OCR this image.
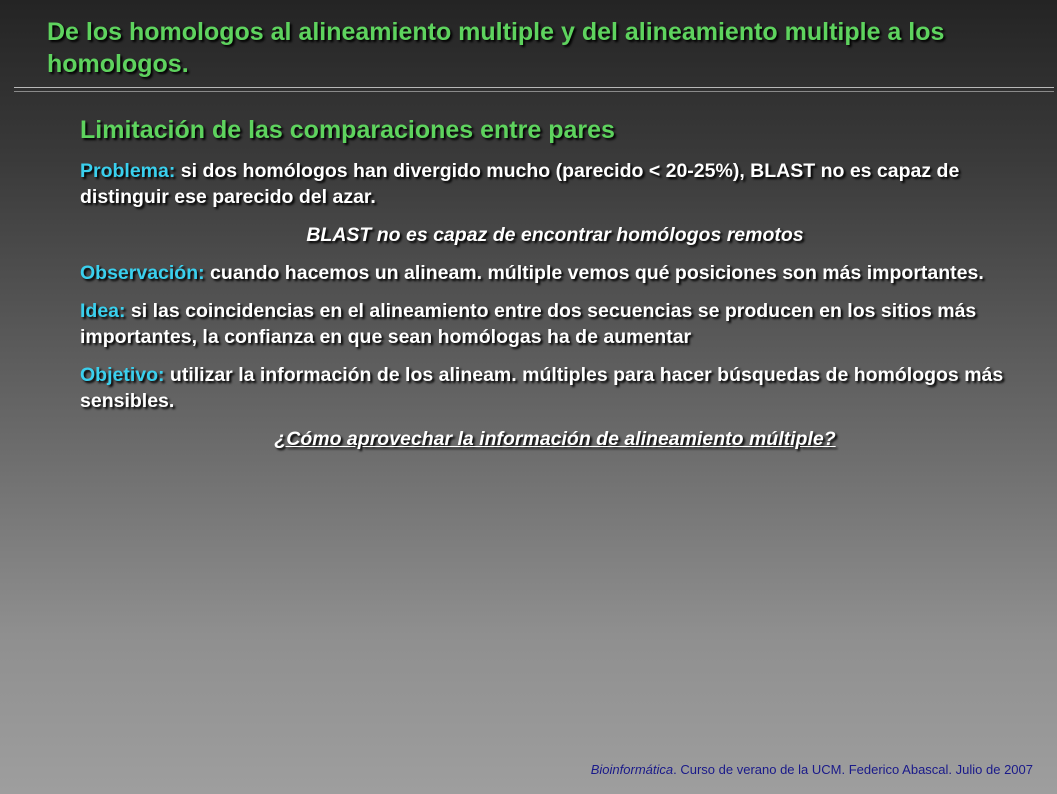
De los homologos al alineamiento multiple y del alineamiento multiple a los homologos.
Limitación de las comparaciones entre pares

Problema: si dos homólogos han divergido mucho (parecido < 20-25%), BLAST no es capaz de distinguir ese parecido del azar.

BLAST no es capaz de encontrar homólogos remotos

Observación: cuando hacemos un alineam. múltiple vemos qué posiciones son más importantes.

Idea: si las coincidencias en el alineamiento entre dos secuencias se producen en los sitios más importantes, la confianza en que sean homólogas ha de aumentar

Objetivo: utilizar la información de los alineam. múltiples para hacer búsquedas de homólogos más sensibles.

¿Cómo aprovechar la información de alineamiento múltiple?

Bioinformática. Curso de verano de la UCM. Federico Abascal. Julio de 2007
